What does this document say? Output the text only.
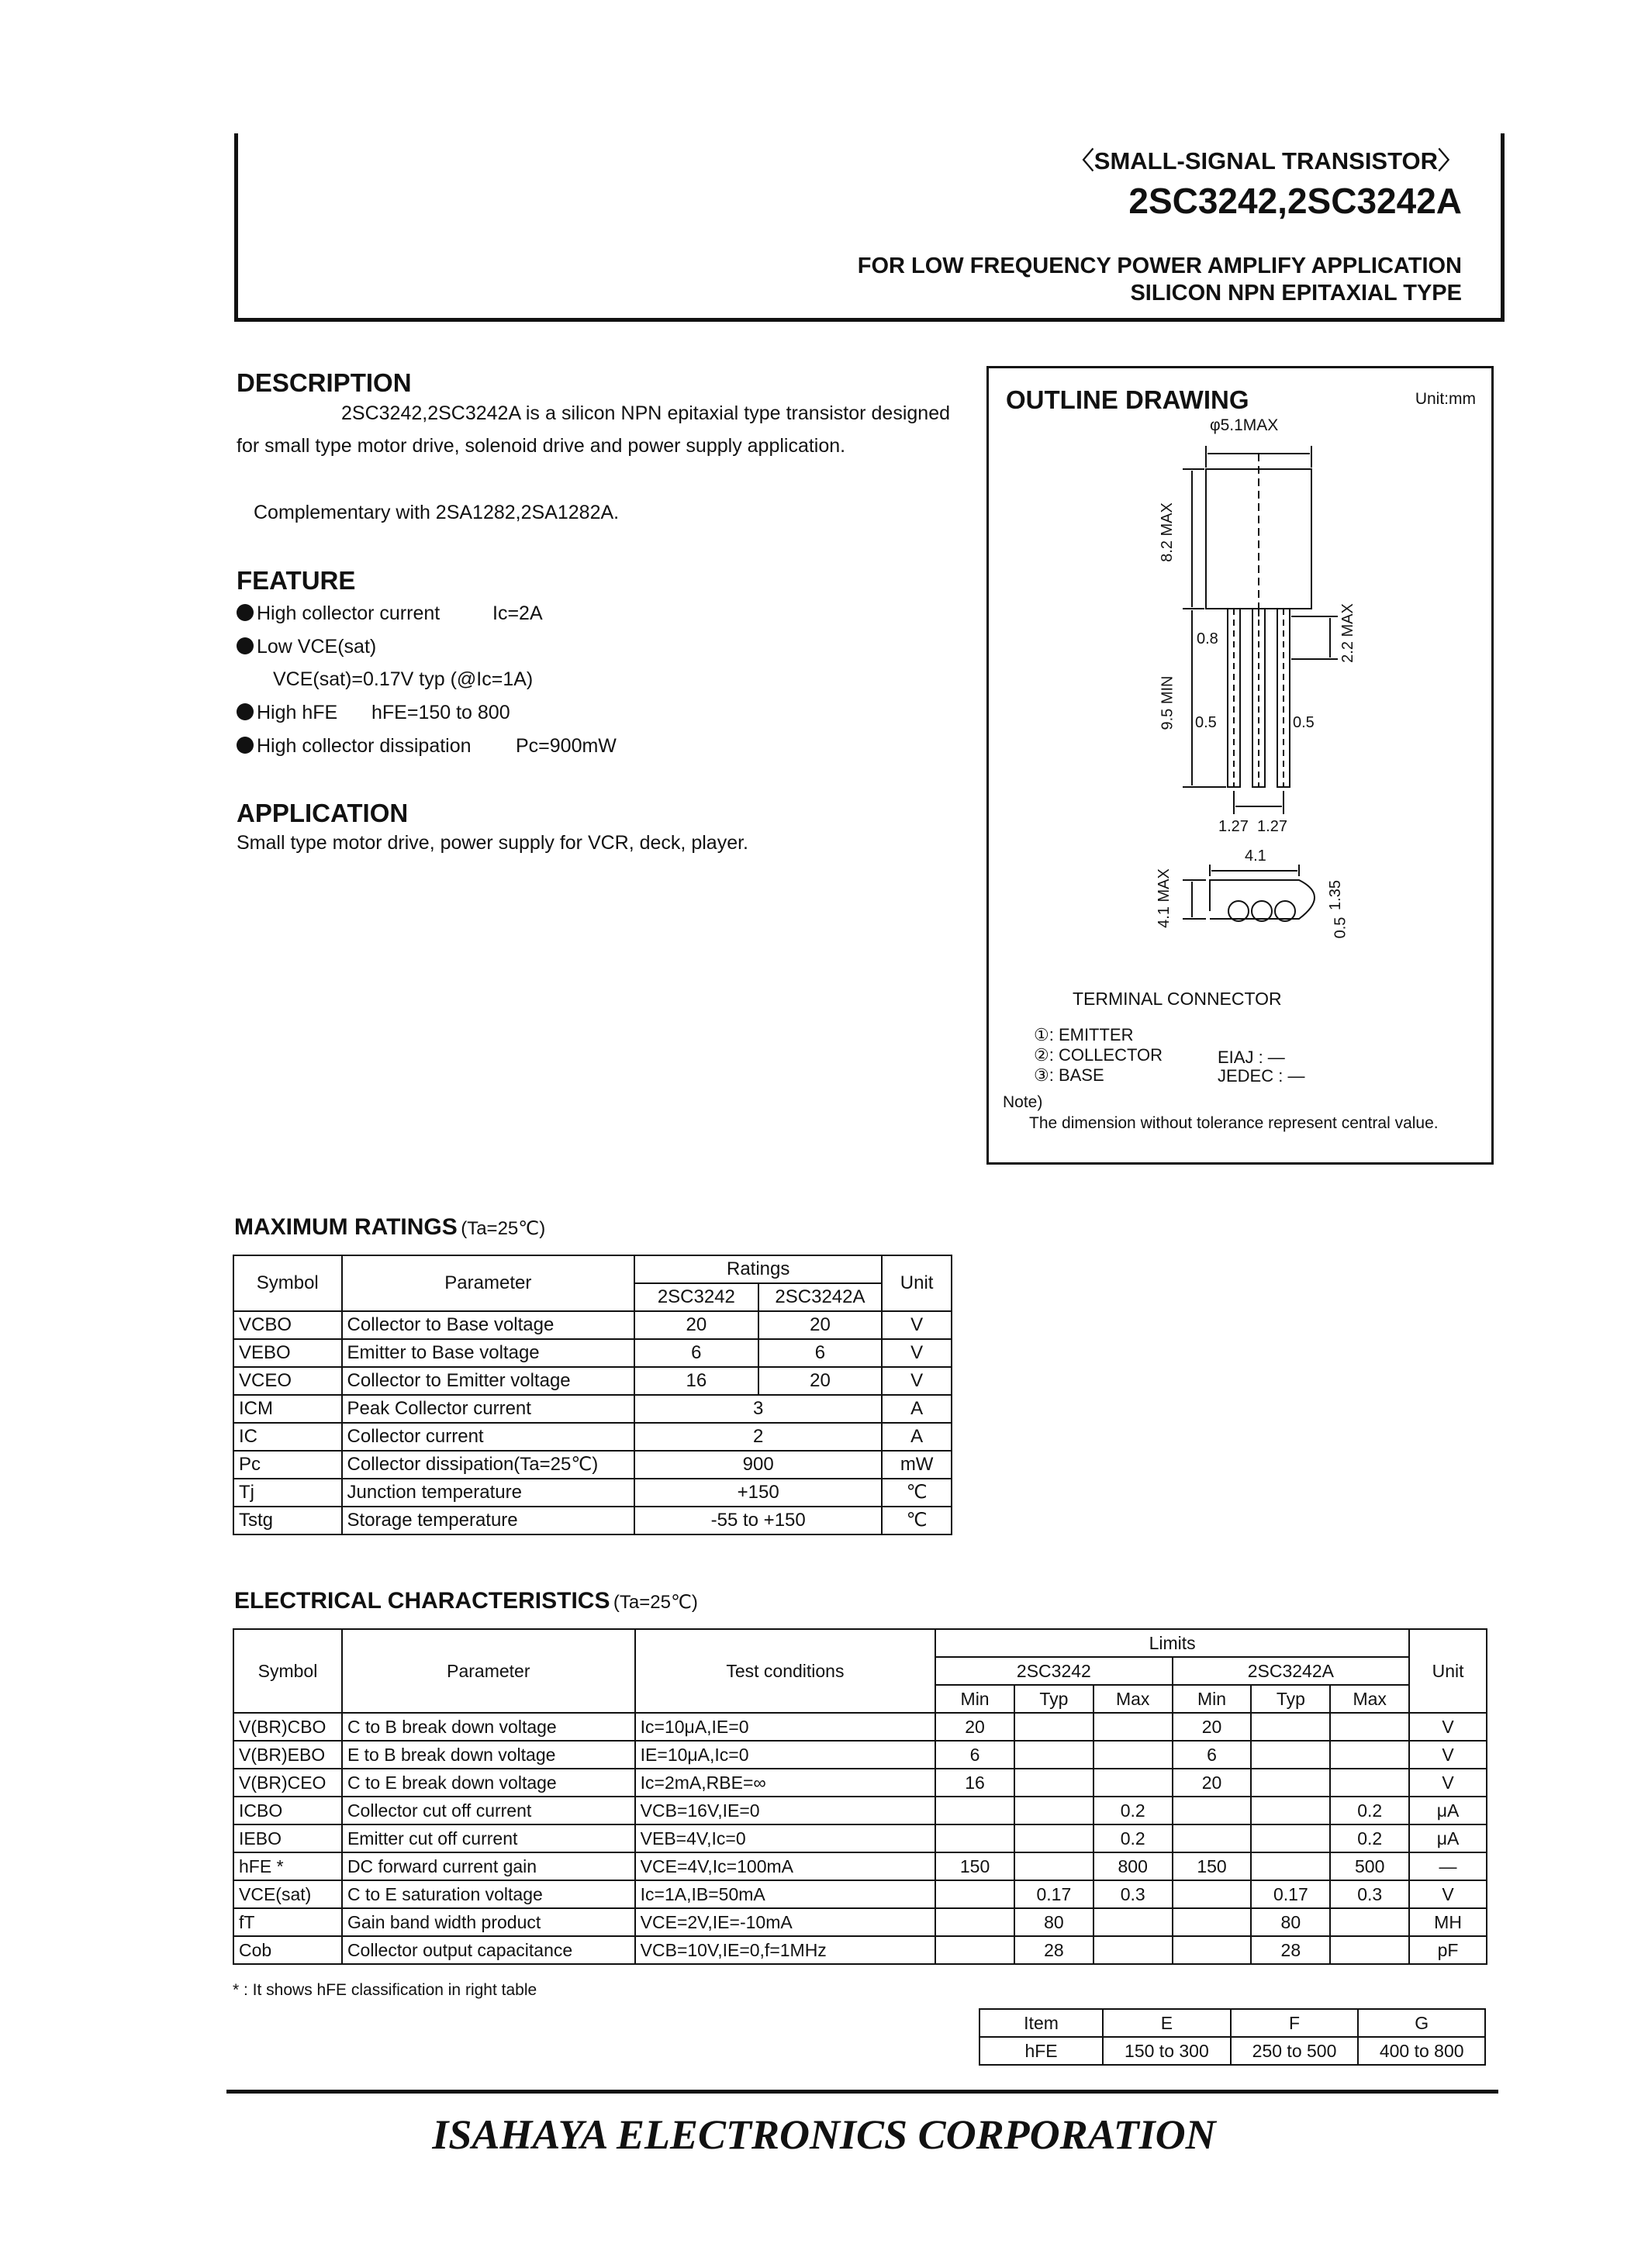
〈SMALL-SIGNAL TRANSISTOR〉
2SC3242,2SC3242A
FOR LOW FREQUENCY POWER AMPLIFY APPLICATION
SILICON NPN EPITAXIAL TYPE
DESCRIPTION
2SC3242,2SC3242A is a silicon NPN epitaxial type transistor designed for small type motor drive, solenoid drive and power supply application.
Complementary with 2SA1282,2SA1282A.
FEATURE
High collector current	Ic=2A
Low VCE(sat)
VCE(sat)=0.17V typ (@Ic=1A)
High hFE hFE=150 to 800
High collector dissipation Pc=900mW
APPLICATION
Small type motor drive, power supply for VCR, deck, player.
OUTLINE DRAWING	Unit:mm
φ5.1MAX
8.2 MAX
9.5 MIN
2.2 MAX
0.8
0.5	0.5
1.27  1.27
4.1
4.1 MAX	1.35
0.5
TERMINAL CONNECTOR
①: EMITTER
②: COLLECTOR
③: BASE
EIAJ : —
JEDEC : —
Note)
The dimension without tolerance represent central value.
MAXIMUM RATINGS (Ta=25℃)
Symbol	Parameter	Ratings		Unit
		2SC3242	2SC3242A	
VCBO	Collector to Base voltage	20	20	V
VEBO	Emitter to Base voltage	6	6	V
VCEO	Collector to Emitter voltage	16	20	V
ICM	Peak Collector current	3		A
IC	Collector current	2		A
Pc	Collector dissipation(Ta=25℃)	900		mW
Tj	Junction temperature	+150		℃
Tstg	Storage temperature	-55 to +150		℃
ELECTRICAL CHARACTERISTICS (Ta=25℃)
Symbol	Parameter	Test conditions	Limits						Unit
			2SC3242			2SC3242A			
			Min	Typ	Max	Min	Typ	Max	
V(BR)CBO	C to B break down voltage	Ic=10μA,IE=0	20			20			V
V(BR)EBO	E to B break down voltage	IE=10μA,Ic=0	6			6			V
V(BR)CEO	C to E break down voltage	Ic=2mA,RBE=∞	16			20			V
ICBO	Collector cut off current	VCB=16V,IE=0			0.2			0.2	μA
IEBO	Emitter cut off current	VEB=4V,Ic=0			0.2			0.2	μA
hFE *	DC forward current gain	VCE=4V,Ic=100mA	150		800	150		500	—
VCE(sat)	C to E saturation voltage	Ic=1A,IB=50mA		0.17	0.3		0.17	0.3	V
fT	Gain band width product	VCE=2V,IE=-10mA		80			80		MH
Cob	Collector output capacitance	VCB=10V,IE=0,f=1MHz		28			28		pF
* : It shows hFE classification in right table
Item	E	F	G
hFE	150 to 300	250 to 500	400 to 800
ISAHAYA ELECTRONICS CORPORATION
